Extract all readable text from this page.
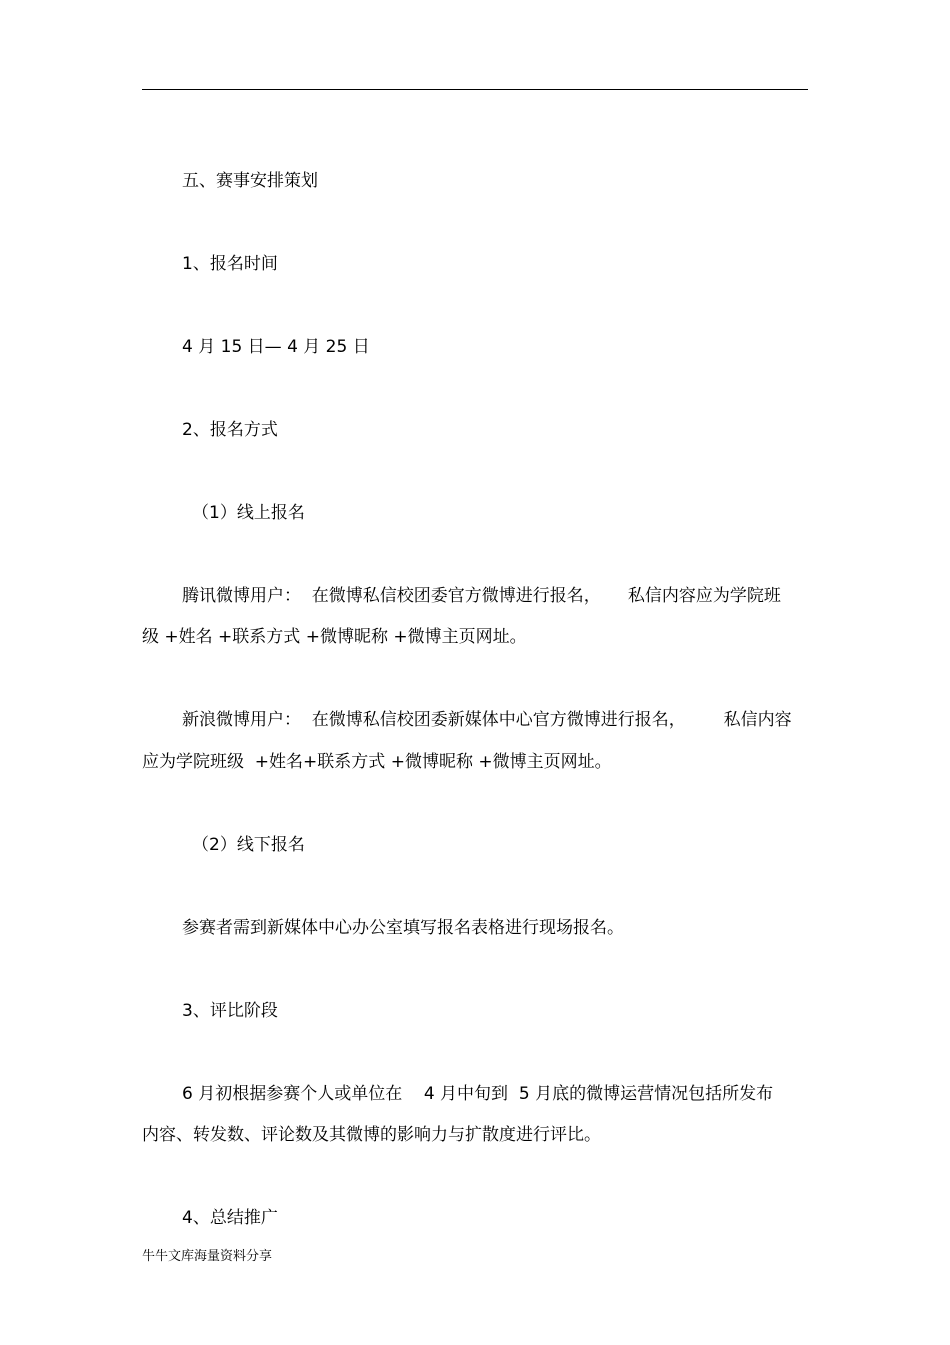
五、赛事安排策划
1、报名时间
4 月 15 日— 4 月 25 日
2、报名方式
（1）线上报名
腾讯微博用户：  在微博私信校团委官方微博进行报名，     私信内容应为学院班
级 +姓名 +联系方式 +微博昵称 +微博主页网址。
新浪微博用户：  在微博私信校团委新媒体中心官方微博进行报名，       私信内容
应为学院班级  +姓名+联系方式 +微博昵称 +微博主页网址。
（2）线下报名
参赛者需到新媒体中心办公室填写报名表格进行现场报名。
3、评比阶段
6 月初根据参赛个人或单位在    4 月中旬到  5 月底的微博运营情况包括所发布
内容、转发数、评论数及其微博的影响力与扩散度进行评比。
4、总结推广
牛牛文库海量资料分享
